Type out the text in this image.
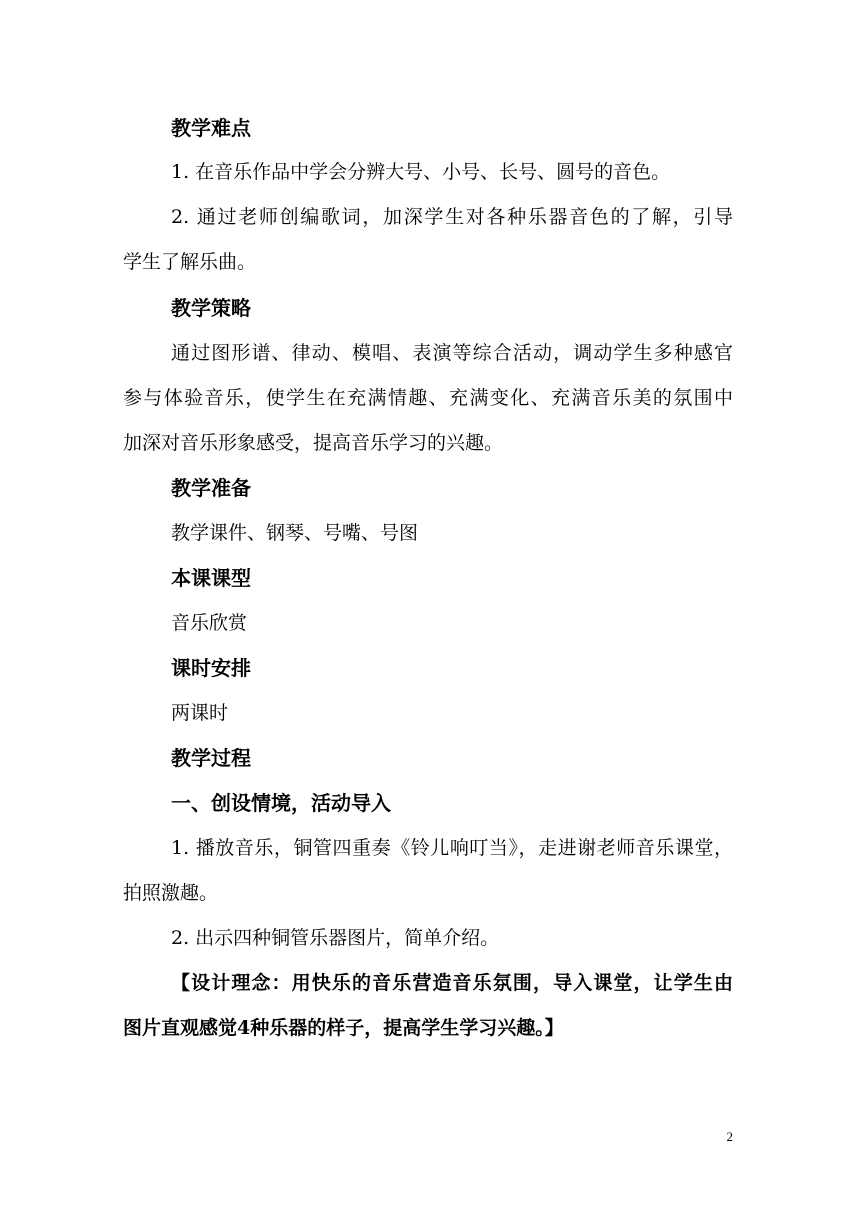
教学难点
1. 在音乐作品中学会分辨大号、小号、长号、圆号的音色。
2. 通过老师创编歌词，加深学生对各种乐器音色的了解，引导
学生了解乐曲。
教学策略
通过图形谱、律动、模唱、表演等综合活动，调动学生多种感官
参与体验音乐，使学生在充满情趣、充满变化、充满音乐美的氛围中
加深对音乐形象感受，提高音乐学习的兴趣。
教学准备
教学课件、钢琴、号嘴、号图
本课课型
音乐欣赏
课时安排
两课时
教学过程
一、创设情境，活动导入
1. 播放音乐，铜管四重奏《铃儿响叮当》，走进谢老师音乐课堂，
拍照激趣。
2. 出示四种铜管乐器图片，简单介绍。
【设计理念：用快乐的音乐营造音乐氛围，导入课堂，让学生由
图片直观感觉4种乐器的样子，提高学生学习兴趣。】
2
